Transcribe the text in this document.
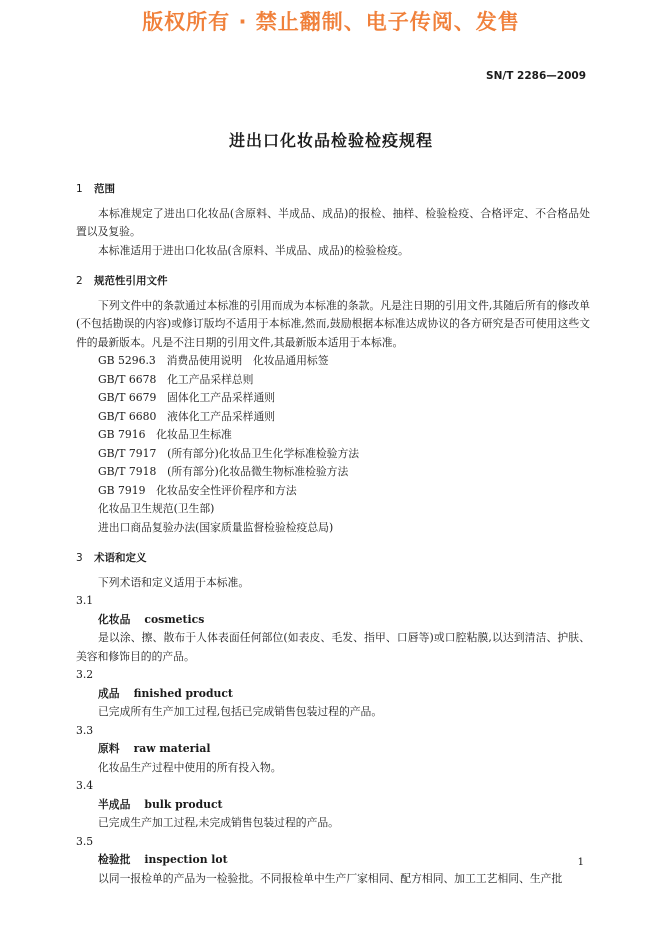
版权所有 · 禁止翻制、电子传阅、发售
SN/T 2286—2009
进出口化妆品检验检疫规程
1 范围

本标准规定了进出口化妆品(含原料、半成品、成品)的报检、抽样、检验检疫、合格评定、不合格品处置以及复验。

本标准适用于进出口化妆品(含原料、半成品、成品)的检验检疫。

2 规范性引用文件

下列文件中的条款通过本标准的引用而成为本标准的条款。凡是注日期的引用文件,其随后所有的修改单(不包括勘误的内容)或修订版均不适用于本标准,然而,鼓励根据本标准达成协议的各方研究是否可使用这些文件的最新版本。凡是不注日期的引用文件,其最新版本适用于本标准。

GB 5296.3　消费品使用说明　化妆品通用标签

GB/T 6678　化工产品采样总则

GB/T 6679　固体化工产品采样通则

GB/T 6680　液体化工产品采样通则

GB 7916　化妆品卫生标准

GB/T 7917　(所有部分)化妆品卫生化学标准检验方法

GB/T 7918　(所有部分)化妆品微生物标准检验方法

GB 7919　化妆品安全性评价程序和方法

化妆品卫生规范(卫生部)

进出口商品复验办法(国家质量监督检验检疫总局)

3 术语和定义

下列术语和定义适用于本标准。

3.1

化妆品 cosmetics

是以涂、擦、散布于人体表面任何部位(如表皮、毛发、指甲、口唇等)或口腔粘膜,以达到清洁、护肤、美容和修饰目的的产品。

3.2

成品 finished product

已完成所有生产加工过程,包括已完成销售包装过程的产品。

3.3

原料 raw material

化妆品生产过程中使用的所有投入物。

3.4

半成品 bulk product

已完成生产加工过程,未完成销售包装过程的产品。

3.5

检验批 inspection lot

以同一报检单的产品为一检验批。不同报检单中生产厂家相同、配方相同、加工工艺相同、生产批

1
